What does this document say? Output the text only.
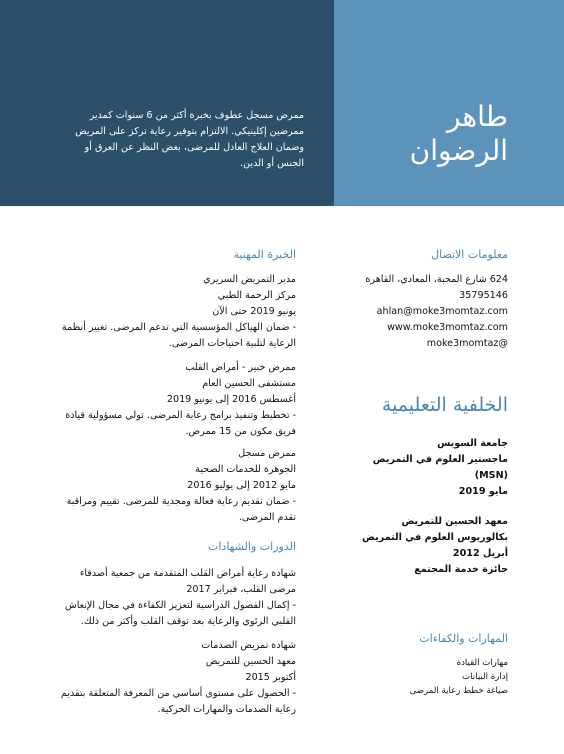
ممرض مسجل عطوف بخبرة أكثر من 6 سنوات كمدير ممرضين إكلينيكي. الالتزام بتوفير رعاية تركز على المريض وضمان العلاج العادل للمرضى، بغض النظر عن العرق أو الجنس أو الدين.

طاهر
الرضوان
معلومات الاتصال
624 شارع المحبة، المعادي، القاهرة
35795146
ahlan@moke3momtaz.com
www.moke3momtaz.com
moke3momtaz@
الخلفية التعليمية
جامعة السويس
ماجستير العلوم في التمريض
(MSN)
مايو 2019
معهد الحسين للتمريض
بكالوريوس العلوم في التمريض
أبريل 2012
جائزة خدمة المجتمع
المهارات والكفاءات
مهارات القيادة
إدارة البيانات
صياغة خطط رعاية المرضى
الخبرة المهنية
مدير التمريض السريري
مركز الرحمة الطبي
يونيو 2019 حتى الآن
- ضمان الهياكل المؤسسية التي تدعم المرضى. تغيير أنظمة الرعاية لتلبية احتياجات المرضى.
ممرض خبير - أمراض القلب
مستشفى الحسين العام
أغسطس 2016 إلى يونيو 2019
- تخطيط وتنفيذ برامج رعاية المرضى. تولي مسؤولية قيادة فريق مكون من 15 ممرض.
ممرض مسجل
الجوهرة للخدمات الصحية
مايو 2012 إلى يوليو 2016
- ضمان تقديم رعاية فعالة ومجدية للمرضى. تقييم ومراقبة تقدم المرضى.
الدورات والشهادات
شهادة رعاية أمراض القلب المتقدمة من جمعية أصدقاء مرضى القلب، فبراير 2017
- إكمال الفصول الدراسية لتعزيز الكفاءة في مجال الإنعاش القلبي الرئوي والرعاية بعد توقف القلب وأكثر من ذلك.
شهادة تمريض الصدمات
معهد الحسين للتمريض
أكتوبر 2015
- الحصول على مستوى أساسي من المعرفة المتعلقة بتقديم رعاية الصدمات والمهارات الحركية.
